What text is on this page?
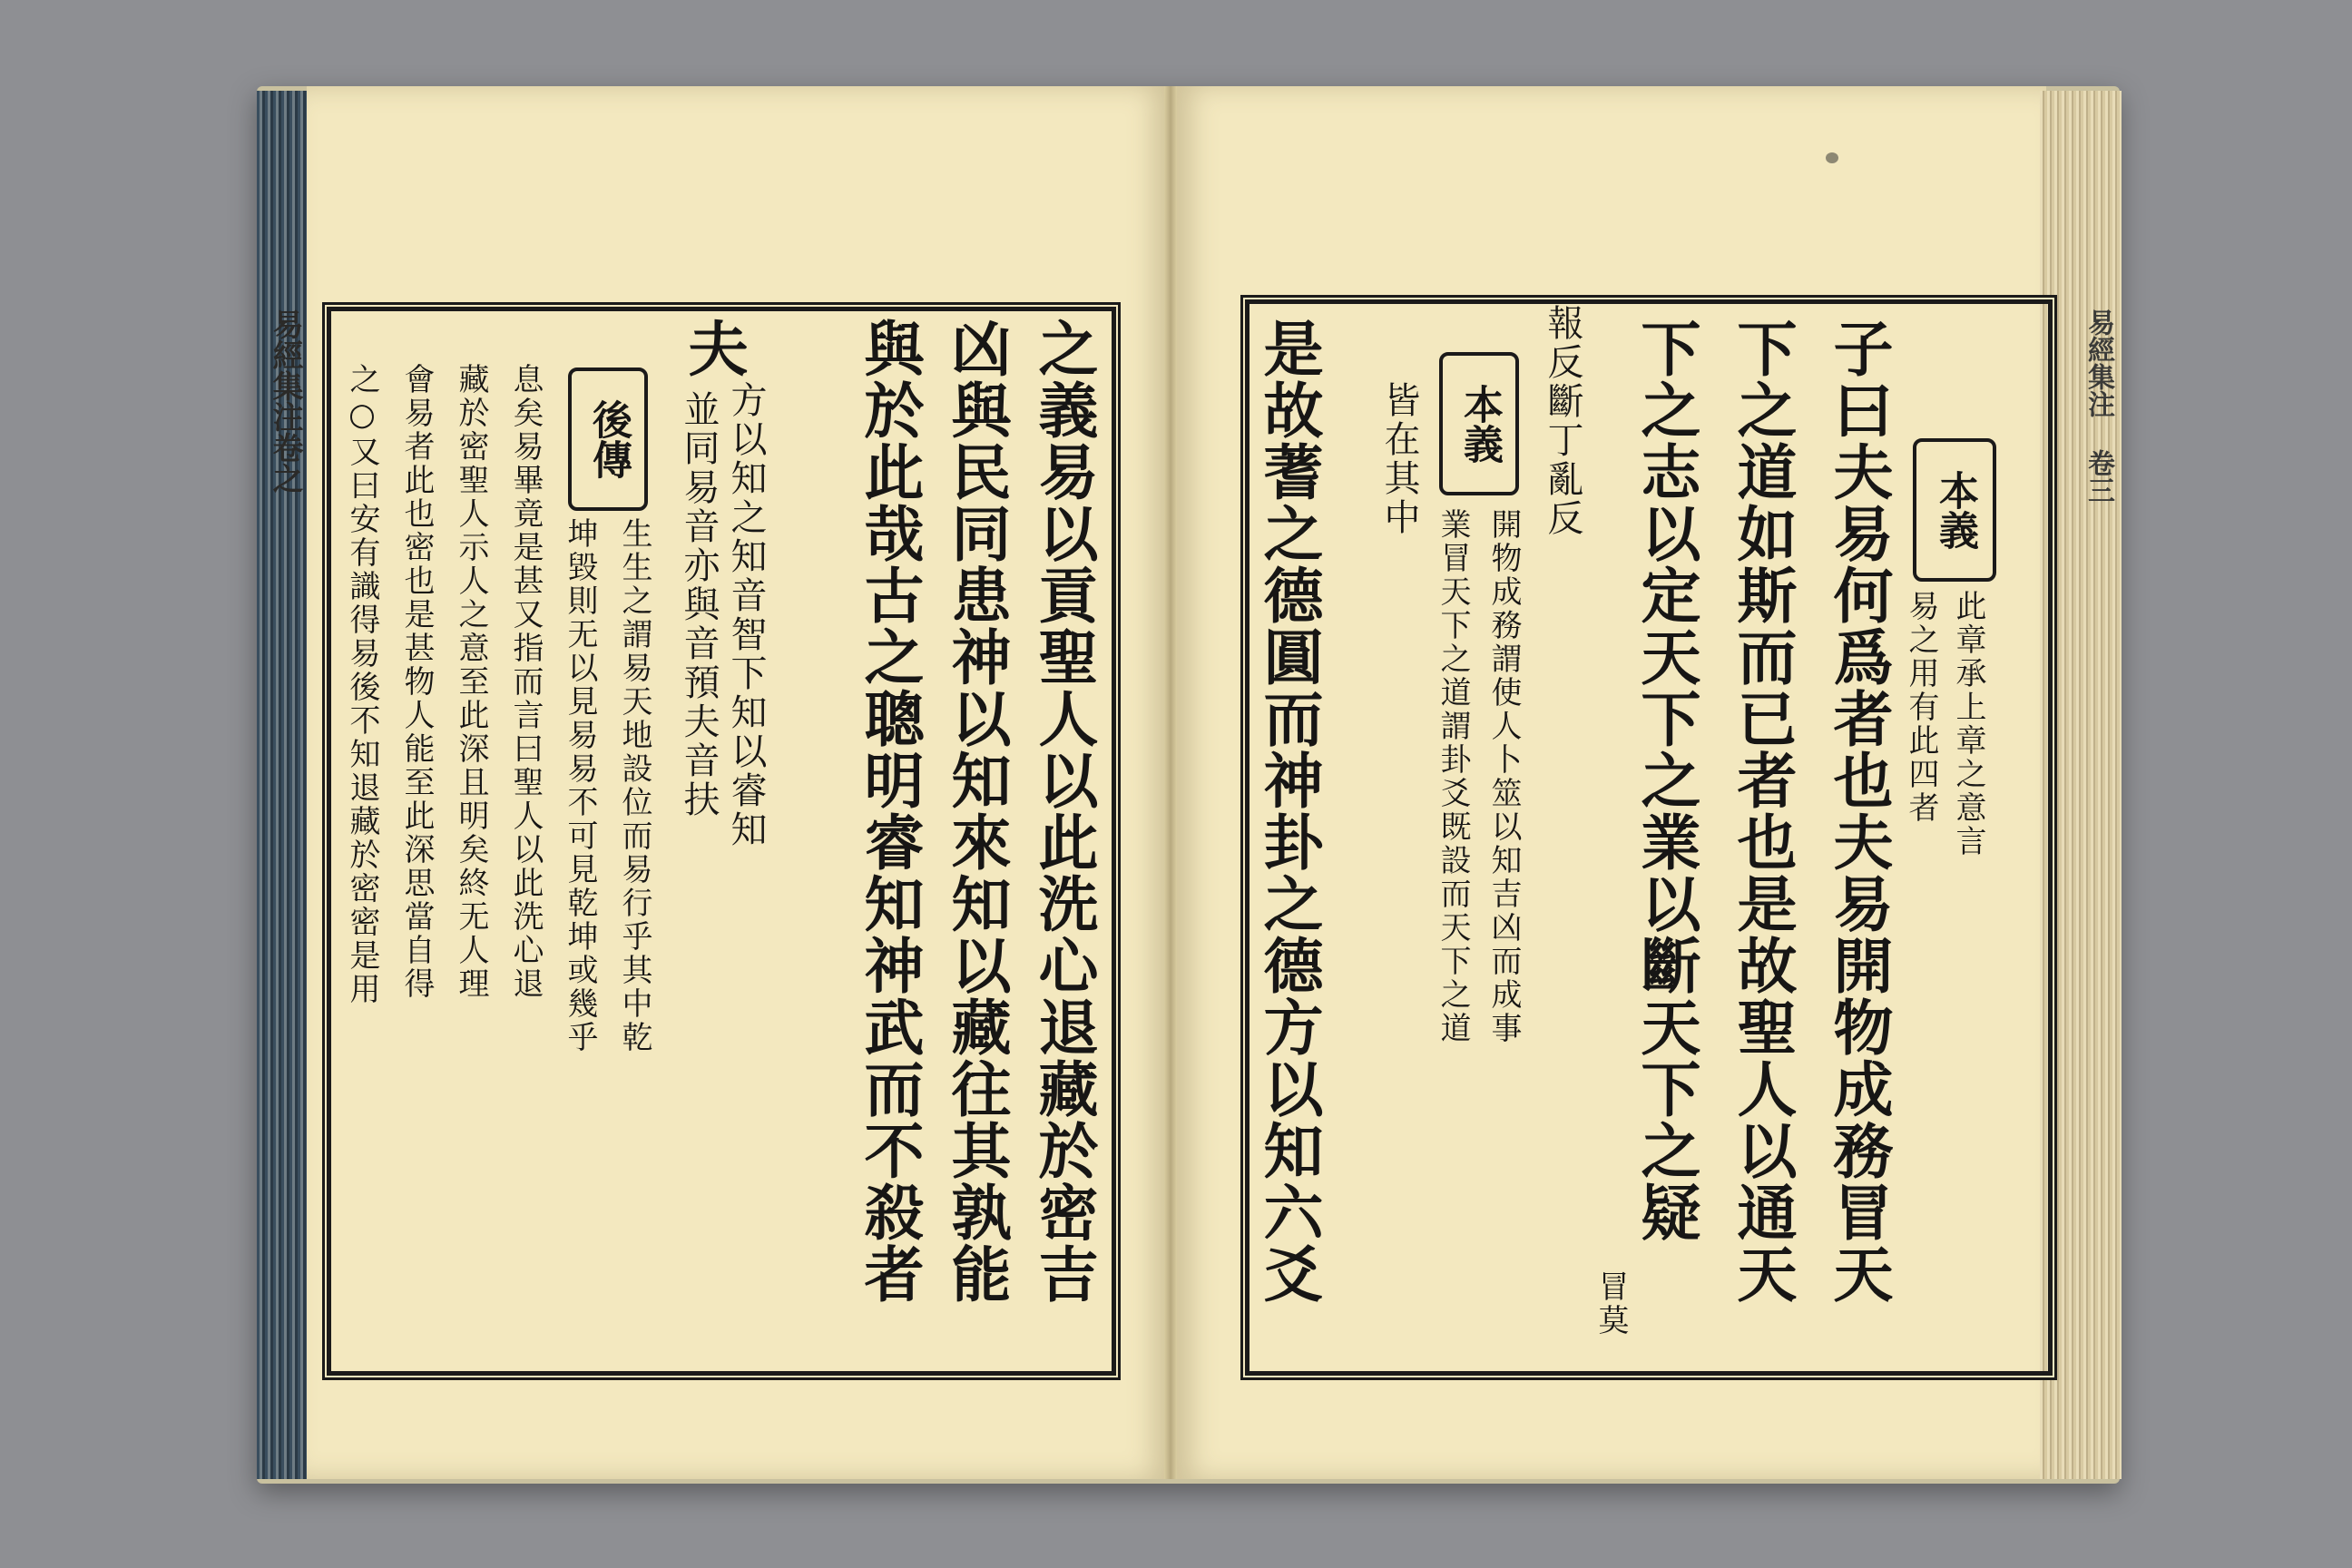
易經集注卷之	之義易以貢聖人以此洗心退藏於密吉
凶與民同患神以知來知以藏往其孰能
與於此哉古之聰明睿知神武而不殺者
夫
方以知之知音智下知以睿知
並同易音亦與音預夫音扶
後傳
生生之謂易天地設位而易行乎其中乾
坤毀則无以見易易不可見乾坤或幾乎
息矣易畢竟是甚又指而言曰聖人以此洗心退
藏於密聖人示人之意至此深且明矣終无人理
會易者此也密也是甚物人能至此深思當自得
之○又曰安有識得易後不知退藏於密密是用	本義
此章承上章之意言
易之用有此四者
子曰夫易何爲者也夫易開物成務冒天
下之道如斯而已者也是故聖人以通天
下之志以定天下之業以斷天下之疑
是故蓍之德圓而神卦之德方以知六爻	冒莫
報反斷丁亂反
皆在其中 本義
開物成務謂使人卜筮以知吉凶而成事
業冒天下之道謂卦爻既設而天下之道
易經集注 卷三
